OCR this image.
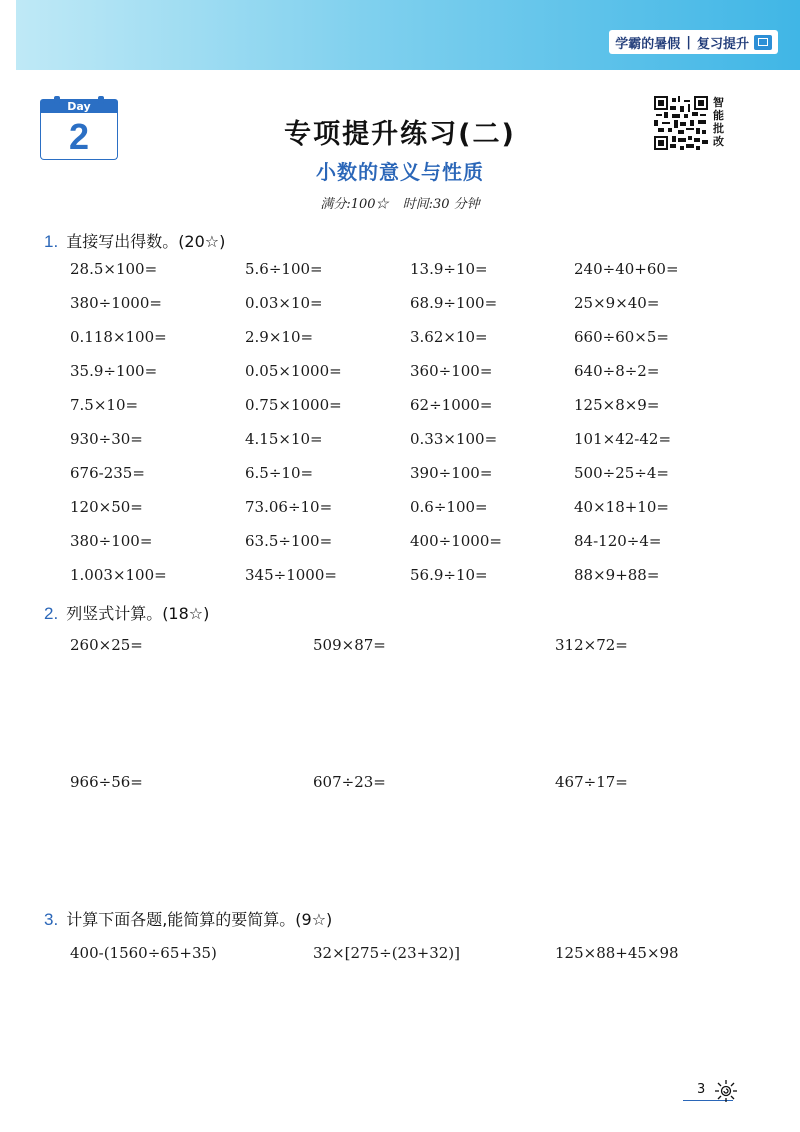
学霸的暑假 | 复习提升
Day
2	专项提升练习(二)
小数的意义与性质
满分:100☆ 时间:30 分钟
智能批改
1. 直接写出得数。(20☆)
28.5×100=	5.6÷100=	13.9÷10=	240÷40+60=
380÷1000=	0.03×10=	68.9÷100=	25×9×40=
0.118×100=	2.9×10=	3.62×10=	660÷60×5=
35.9÷100=	0.05×1000=	360÷100=	640÷8÷2=
7.5×10=	0.75×1000=	62÷1000=	125×8×9=
930÷30=	4.15×10=	0.33×100=	101×42-42=
676-235=	6.5÷10=	390÷100=	500÷25÷4=
120×50=	73.06÷10=	0.6÷100=	40×18+10=
380÷100=	63.5÷100=	400÷1000=	84-120÷4=
1.003×100=	345÷1000=	56.9÷10=	88×9+88=
2. 列竖式计算。(18☆)
260×25=	509×87=	312×72=
966÷56=	607÷23=	467÷17=
3. 计算下面各题,能简算的要简算。(9☆)
400-(1560÷65+35)	32×[275÷(23+32)]	125×88+45×98
3
